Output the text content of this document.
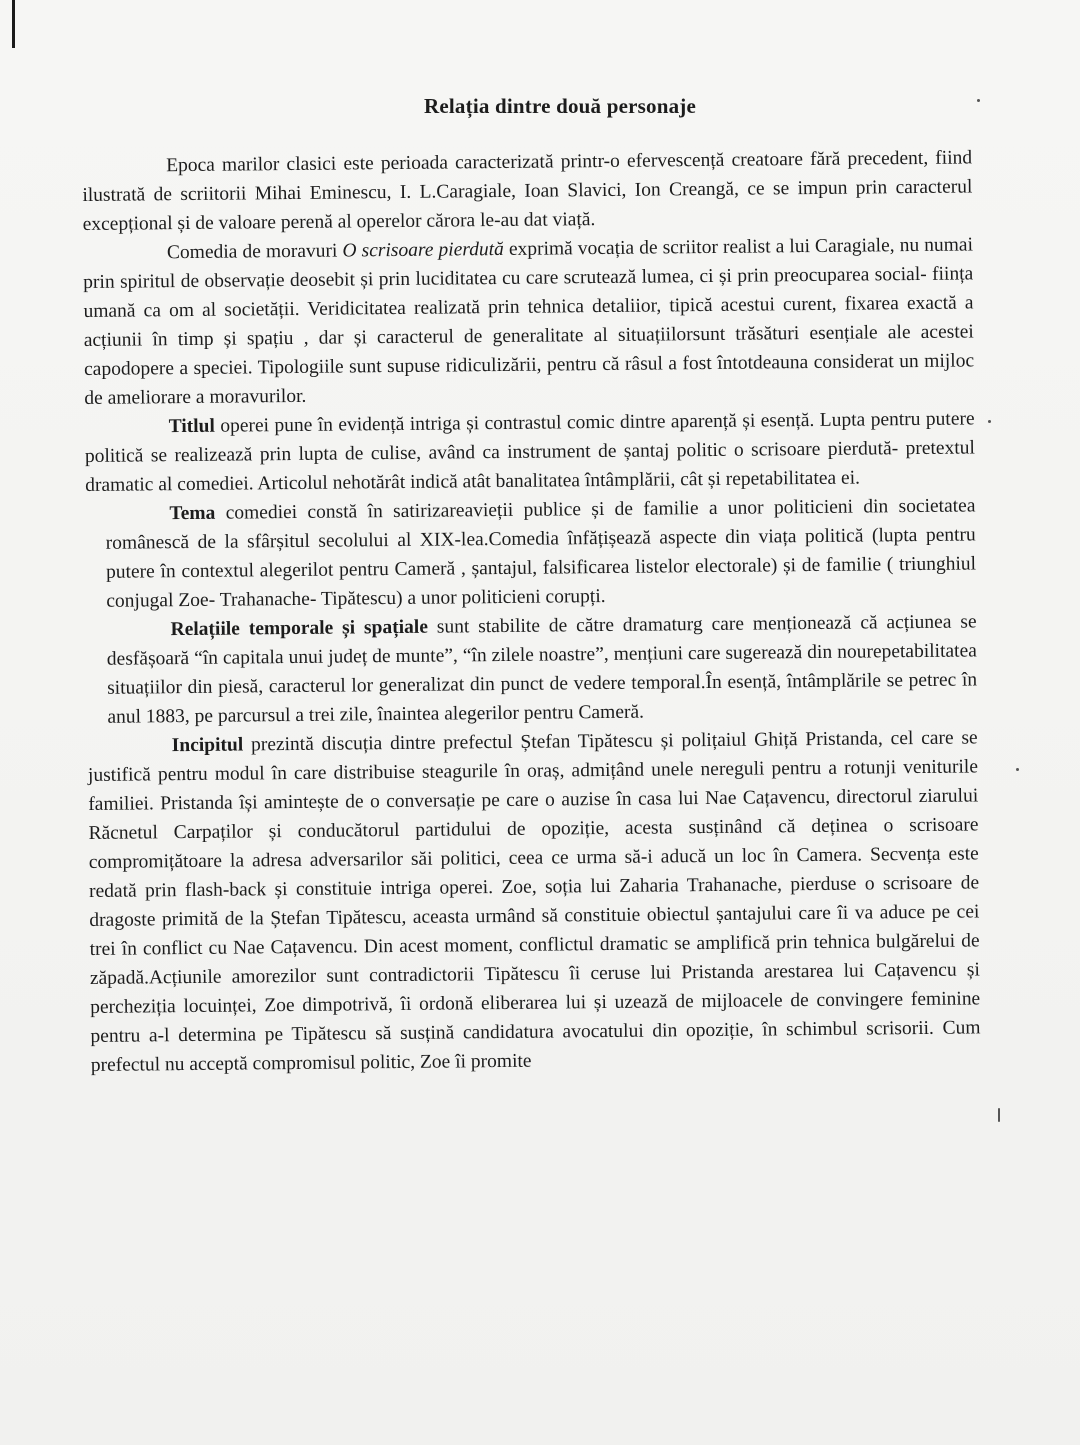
Relația dintre două personaje

Epoca marilor clasici este perioada caracterizată printr-o efervescență creatoare fără precedent, fiind ilustrată de scriitorii Mihai Eminescu, I. L.Caragiale, Ioan Slavici, Ion Creangă, ce se impun prin caracterul excepțional și de valoare perenă al operelor cărora le-au dat viață.

Comedia de moravuri O scrisoare pierdută exprimă vocația de scriitor realist a lui Caragiale, nu numai prin spiritul de observație deosebit și prin luciditatea cu care scrutează lumea, ci și prin preocuparea social- ființa umană ca om al societății. Veridicitatea realizată prin tehnica detaliior, tipică acestui curent, fixarea exactă a acțiunii în timp și spațiu , dar și caracterul de generalitate al situațiilorsunt trăsături esențiale ale acestei capodopere a speciei. Tipologiile sunt supuse ridiculizării, pentru că râsul a fost întotdeauna considerat un mijloc de ameliorare a moravurilor.

Titlul operei pune în evidență intriga și contrastul comic dintre aparență și esență. Lupta pentru putere politică se realizează prin lupta de culise, având ca instrument de șantaj politic o scrisoare pierdută- pretextul dramatic al comediei. Articolul nehotărât indică atât banalitatea întâmplării, cât și repetabilitatea ei.

Tema comediei constă în satirizareavieții publice și de familie a unor politicieni din societatea românescă de la sfârșitul secolului al XIX-lea.Comedia înfățișează aspecte din viața politică (lupta pentru putere în contextul alegerilot pentru Cameră , șantajul, falsificarea listelor electorale) și de familie ( triunghiul conjugal Zoe- Trahanache- Tipătescu) a unor politicieni corupți.

Relațiile temporale și spațiale sunt stabilite de către dramaturg care menționează că acțiunea se desfășoară “în capitala unui județ de munte”, “în zilele noastre”, mențiuni care sugerează din nourepetabilitatea situațiilor din piesă, caracterul lor generalizat din punct de vedere temporal.În esență, întâmplările se petrec în anul 1883, pe parcursul a trei zile, înaintea alegerilor pentru Cameră.

Incipitul prezintă discuția dintre prefectul Ștefan Tipătescu și polițaiul Ghiță Pristanda, cel care se justifică pentru modul în care distribuise steagurile în oraș, admițând unele nereguli pentru a rotunji veniturile familiei. Pristanda își amintește de o conversație pe care o auzise în casa lui Nae Cațavencu, directorul ziarului Răcnetul Carpaților și conducătorul partidului de opoziție, acesta susținând că deținea o scrisoare compromițătoare la adresa adversarilor săi politici, ceea ce urma să-i aducă un loc în Camera. Secvența este redată prin flash-back și constituie intriga operei. Zoe, soția lui Zaharia Trahanache, pierduse o scrisoare de dragoste primită de la Ștefan Tipătescu, aceasta urmând să constituie obiectul șantajului care îi va aduce pe cei trei în conflict cu Nae Cațavencu. Din acest moment, conflictul dramatic se amplifică prin tehnica bulgărelui de zăpadă.Acțiunile amorezilor sunt contradictorii Tipătescu îi ceruse lui Pristanda arestarea lui Cațavencu și percheziția locuinței, Zoe dimpotrivă, îi ordonă eliberarea lui și uzează de mijloacele de convingere feminine pentru a-l determina pe Tipătescu să susțină candidatura avocatului din opoziție, în schimbul scrisorii. Cum prefectul nu acceptă compromisul politic, Zoe îi promite
